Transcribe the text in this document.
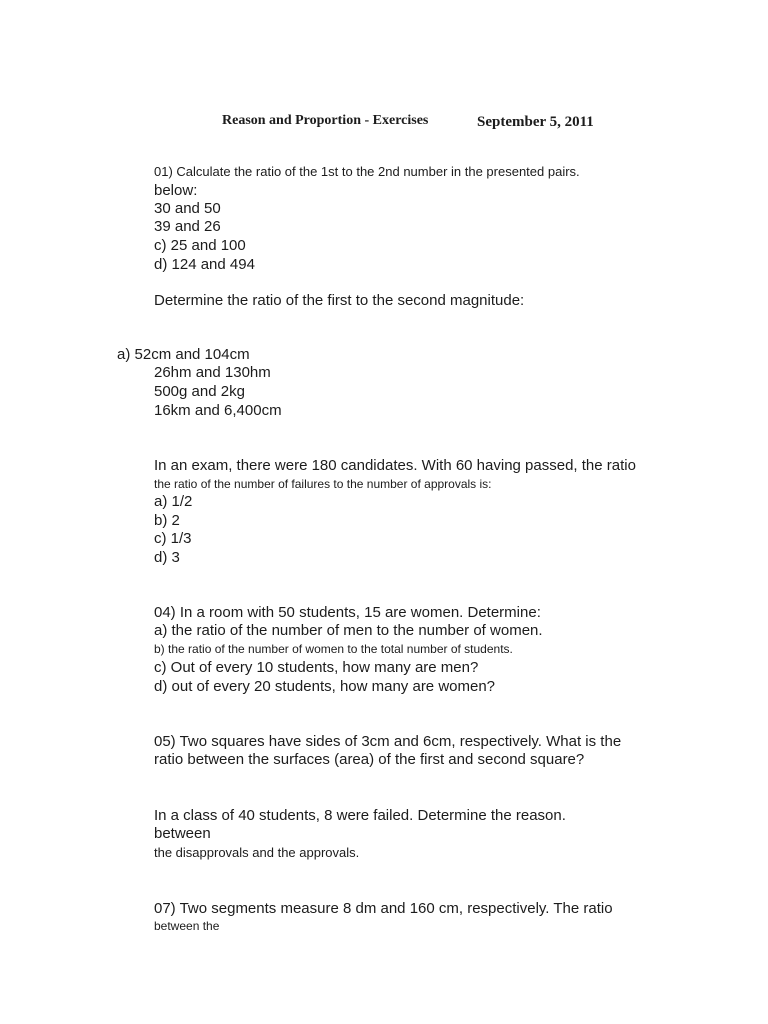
Reason and Proportion - Exercises	September 5, 2011
01) Calculate the ratio of the 1st to the 2nd number in the presented pairs.
below:
30 and 50
39 and 26
c) 25 and 100
d) 124 and 494
Determine the ratio of the first to the second magnitude:
a) 52cm and 104cm
26hm and 130hm
500g and 2kg
16km and 6,400cm
In an exam, there were 180 candidates. With 60 having passed, the ratio
the ratio of the number of failures to the number of approvals is:
a) 1/2
b) 2
c) 1/3
d) 3
04) In a room with 50 students, 15 are women. Determine:
a) the ratio of the number of men to the number of women.
b) the ratio of the number of women to the total number of students.
c) Out of every 10 students, how many are men?
d) out of every 20 students, how many are women?
05) Two squares have sides of 3cm and 6cm, respectively. What is the
ratio between the surfaces (area) of the first and second square?
In a class of 40 students, 8 were failed. Determine the reason.
between
the disapprovals and the approvals.
07) Two segments measure 8 dm and 160 cm, respectively. The ratio
between the
